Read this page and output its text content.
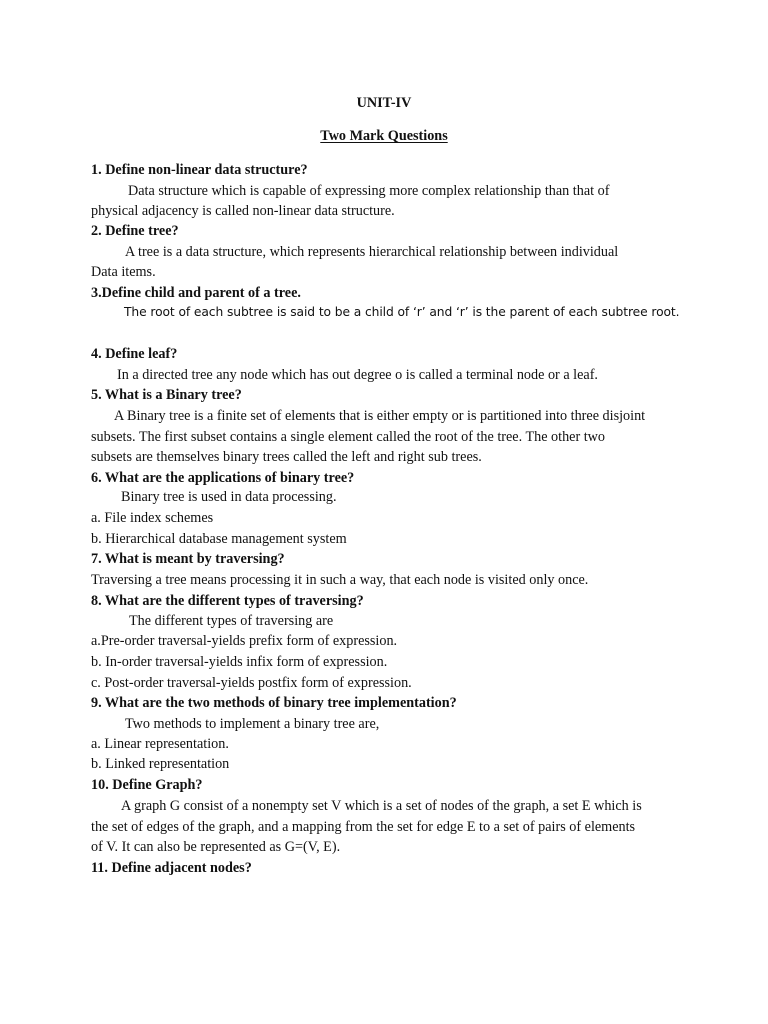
UNIT-IV
Two Mark Questions
1. Define non-linear data structure?
Data structure which is capable of expressing more complex relationship than that of
physical adjacency is called non-linear data structure.
2. Define tree?
A tree is a data structure, which represents hierarchical relationship between individual
Data items.
3.Define child and parent of a tree.
The root of each subtree is said to be a child of ‘r’ and ‘r’ is the parent of each subtree root.
4. Define leaf?
In a directed tree any node which has out degree o is called a terminal node or a leaf.
5. What is a Binary tree?
A Binary tree is a finite set of elements that is either empty or is partitioned into three disjoint
subsets. The first subset contains a single element called the root of the tree. The other two
subsets are themselves binary trees called the left and right sub trees.
6. What are the applications of binary tree?
Binary tree is used in data processing.
a. File index schemes
b. Hierarchical database management system
7. What is meant by traversing?
Traversing a tree means processing it in such a way, that each node is visited only once.
8. What are the different types of traversing?
The different types of traversing are
a.Pre-order traversal-yields prefix form of expression.
b. In-order traversal-yields infix form of expression.
c. Post-order traversal-yields postfix form of expression.
9. What are the two methods of binary tree implementation?
Two methods to implement a binary tree are,
a. Linear representation.
b. Linked representation
10. Define Graph?
A graph G consist of a nonempty set V which is a set of nodes of the graph, a set E which is
the set of edges of the graph, and a mapping from the set for edge E to a set of pairs of elements
of V. It can also be represented as G=(V, E).
11. Define adjacent nodes?
